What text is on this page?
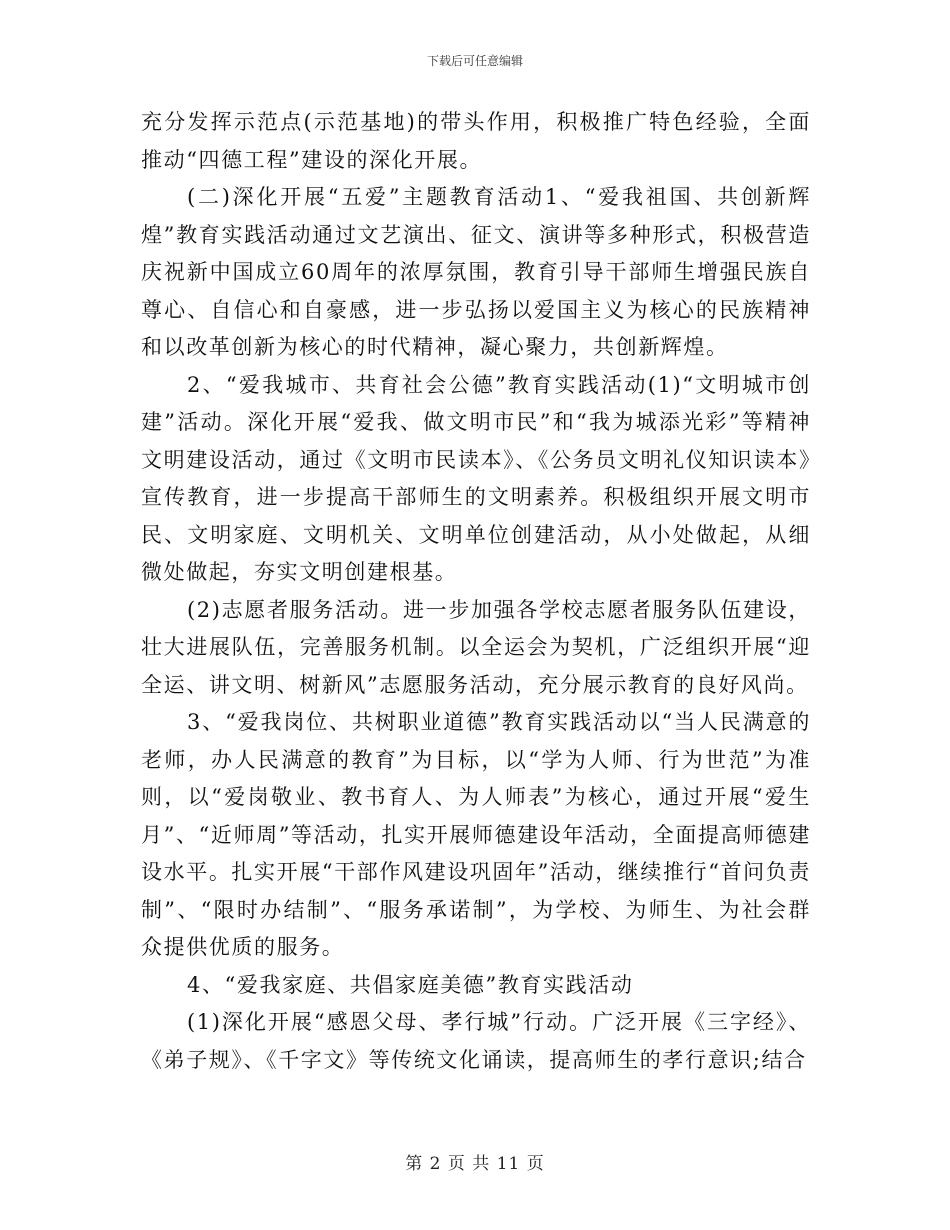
下载后可任意编辑

充分发挥示范点(示范基地)的带头作用，积极推广特色经验，全面推动“四德工程”建设的深化开展。

(二)深化开展“五爱”主题教育活动1、“爱我祖国、共创新辉煌”教育实践活动通过文艺演出、征文、演讲等多种形式，积极营造庆祝新中国成立60周年的浓厚氛围，教育引导干部师生增强民族自尊心、自信心和自豪感，进一步弘扬以爱国主义为核心的民族精神和以改革创新为核心的时代精神，凝心聚力，共创新辉煌。

2、“爱我城市、共育社会公德”教育实践活动(1)“文明城市创建”活动。深化开展“爱我、做文明市民”和“我为城添光彩”等精神文明建设活动，通过《文明市民读本》、《公务员文明礼仪知识读本》宣传教育，进一步提高干部师生的文明素养。积极组织开展文明市民、文明家庭、文明机关、文明单位创建活动，从小处做起，从细微处做起，夯实文明创建根基。

(2)志愿者服务活动。进一步加强各学校志愿者服务队伍建设，壮大进展队伍，完善服务机制。以全运会为契机，广泛组织开展“迎全运、讲文明、树新风”志愿服务活动，充分展示教育的良好风尚。

3、“爱我岗位、共树职业道德”教育实践活动以“当人民满意的老师，办人民满意的教育”为目标，以“学为人师、行为世范”为准则，以“爱岗敬业、教书育人、为人师表”为核心，通过开展“爱生月”、“近师周”等活动，扎实开展师德建设年活动，全面提高师德建设水平。扎实开展“干部作风建设巩固年”活动，继续推行“首问负责制”、“限时办结制”、“服务承诺制”，为学校、为师生、为社会群众提供优质的服务。

4、“爱我家庭、共倡家庭美德”教育实践活动

(1)深化开展“感恩父母、孝行城”行动。广泛开展《三字经》、《弟子规》、《千字文》等传统文化诵读，提高师生的孝行意识;结合

第 2 页 共 11 页
